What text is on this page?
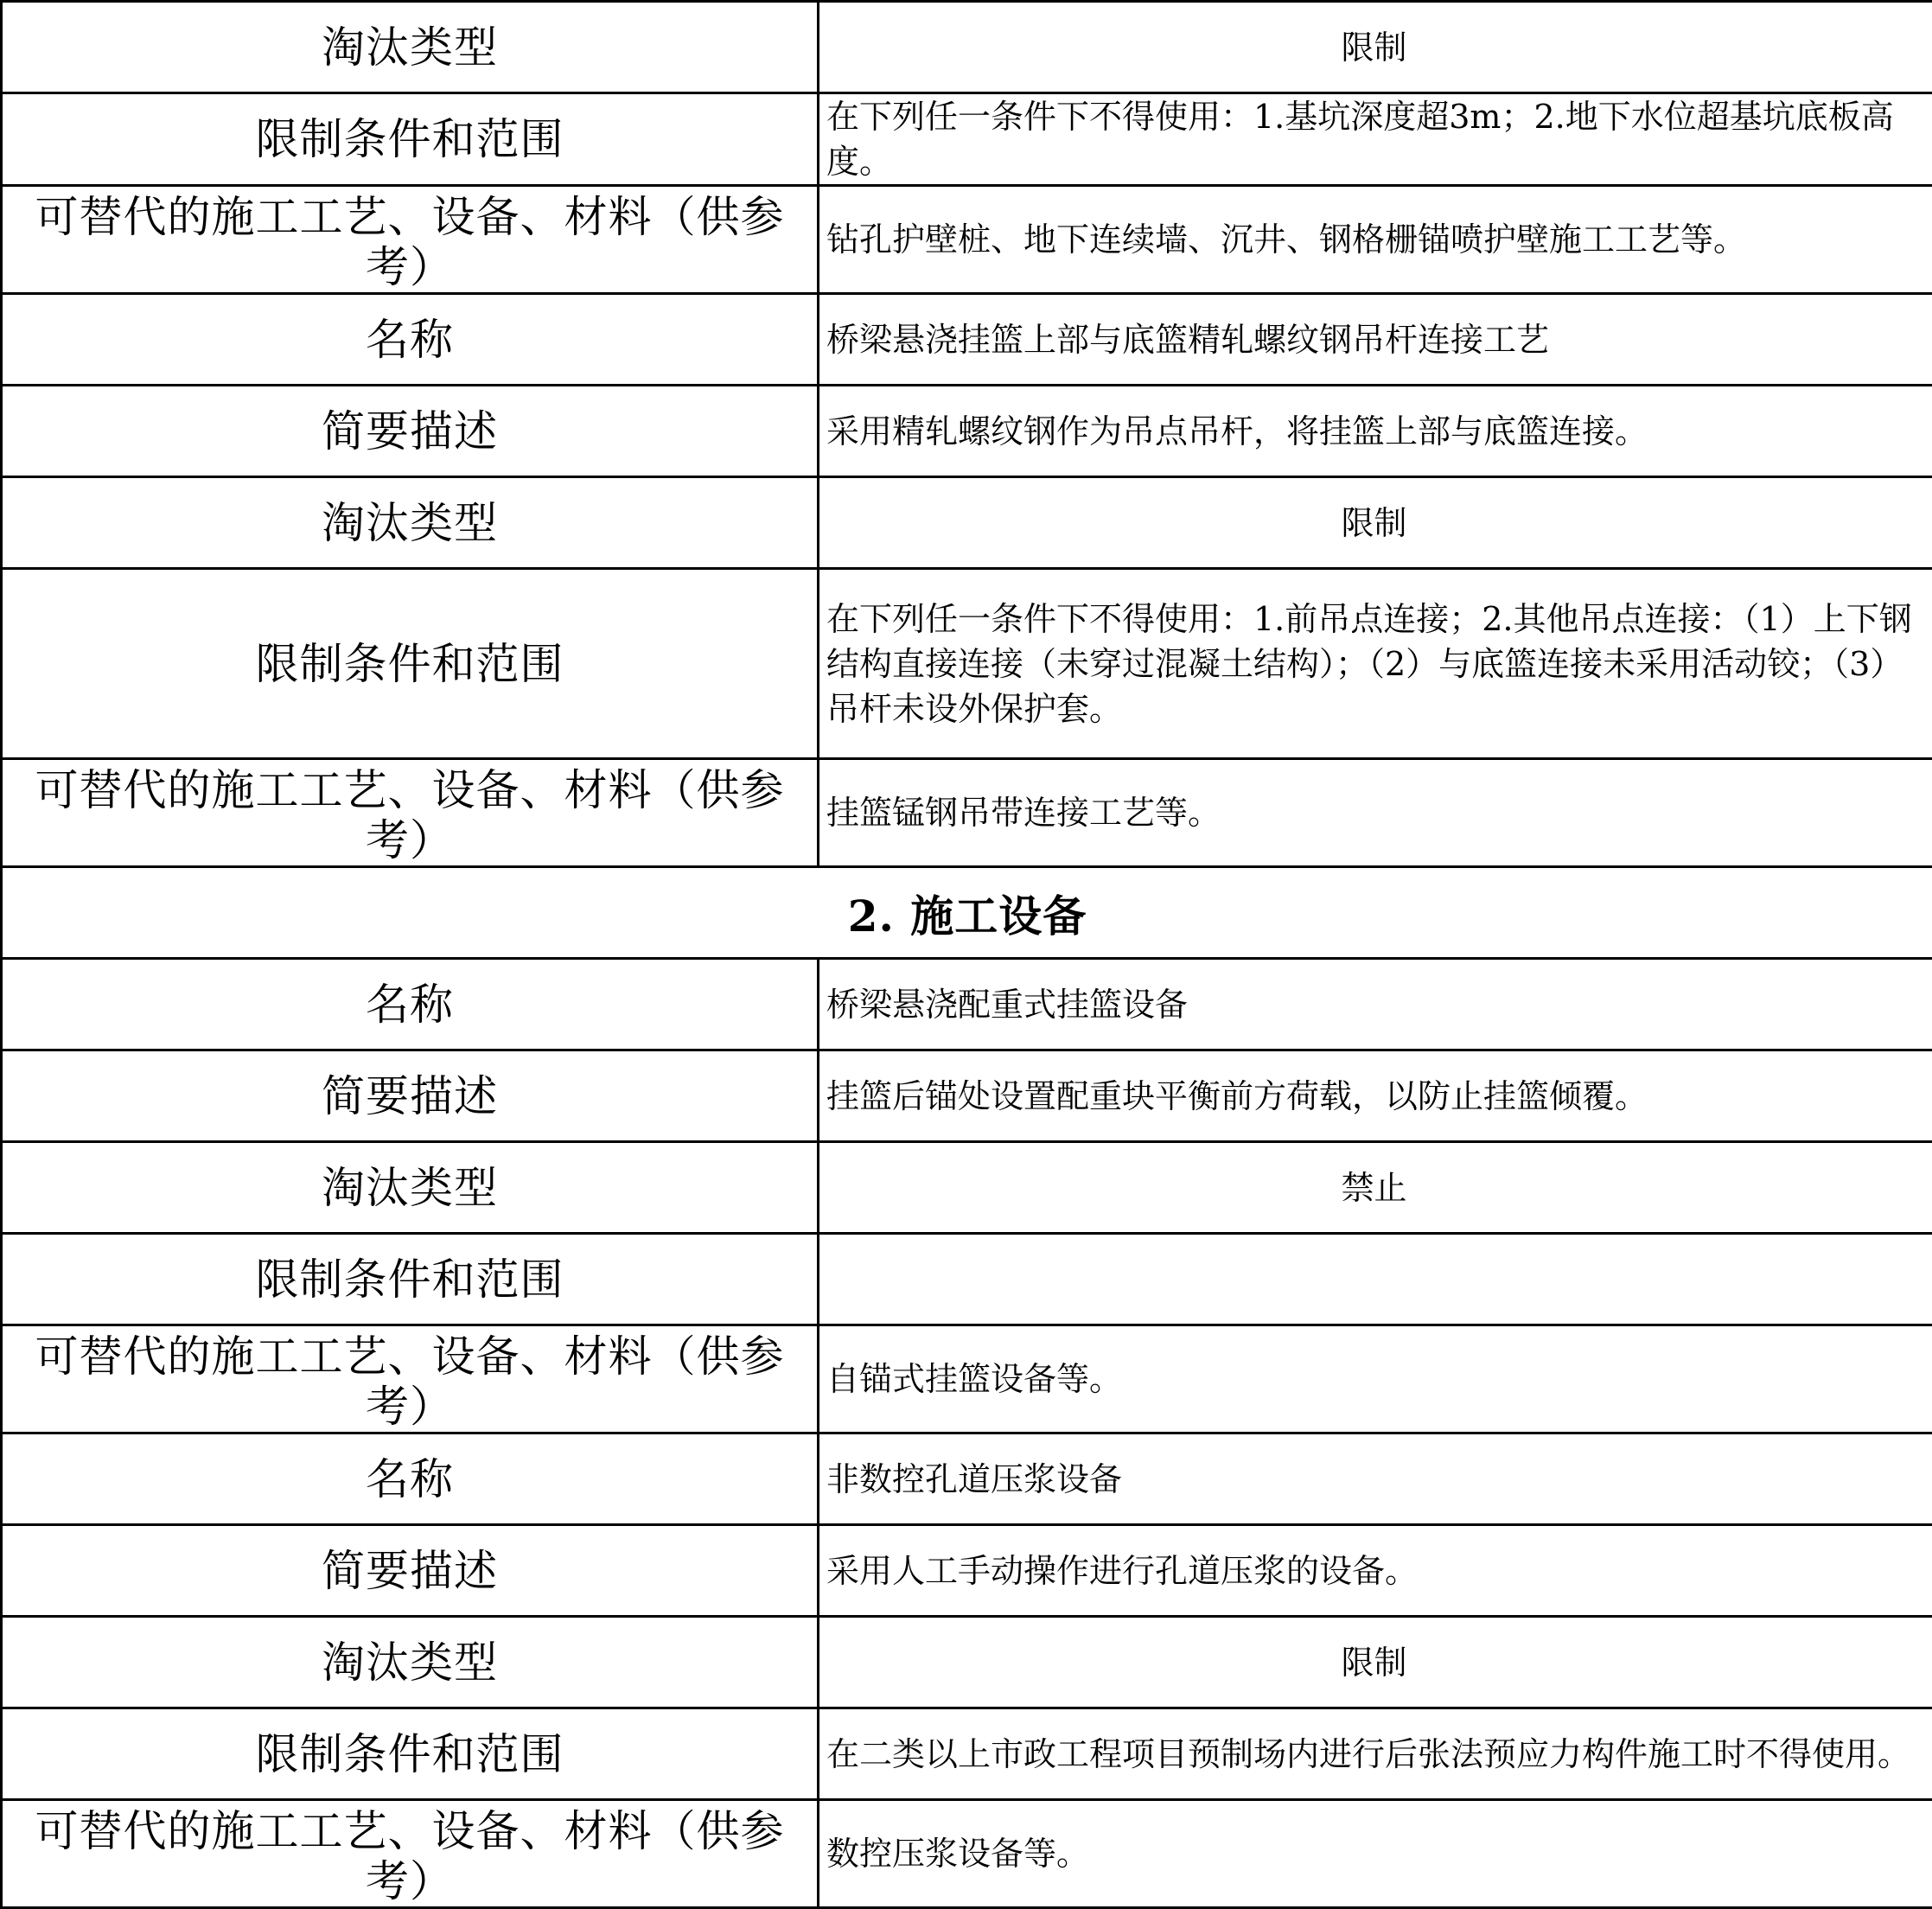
淘汰类型	限制

限制条件和范围	在下列任一条件下不得使用：1.基坑深度超3m；2.地下水位超基坑底板高度。

可替代的施工工艺、设备、材料（供参考）	钻孔护壁桩、地下连续墙、沉井、钢格栅锚喷护壁施工工艺等。

名称	桥梁悬浇挂篮上部与底篮精轧螺纹钢吊杆连接工艺

简要描述	采用精轧螺纹钢作为吊点吊杆，将挂篮上部与底篮连接。

淘汰类型	限制

限制条件和范围	在下列任一条件下不得使用：1.前吊点连接；2.其他吊点连接：（1）上下钢结构直接连接（未穿过混凝土结构）；（2）与底篮连接未采用活动铰；（3）吊杆未设外保护套。

可替代的施工工艺、设备、材料（供参考）	挂篮锰钢吊带连接工艺等。

2. 施工设备	

名称	桥梁悬浇配重式挂篮设备

简要描述	挂篮后锚处设置配重块平衡前方荷载，以防止挂篮倾覆。

淘汰类型	禁止

限制条件和范围	

可替代的施工工艺、设备、材料（供参考）	自锚式挂篮设备等。

名称	非数控孔道压浆设备

简要描述	采用人工手动操作进行孔道压浆的设备。

淘汰类型	限制

限制条件和范围	在二类以上市政工程项目预制场内进行后张法预应力构件施工时不得使用。

可替代的施工工艺、设备、材料（供参考）	数控压浆设备等。
